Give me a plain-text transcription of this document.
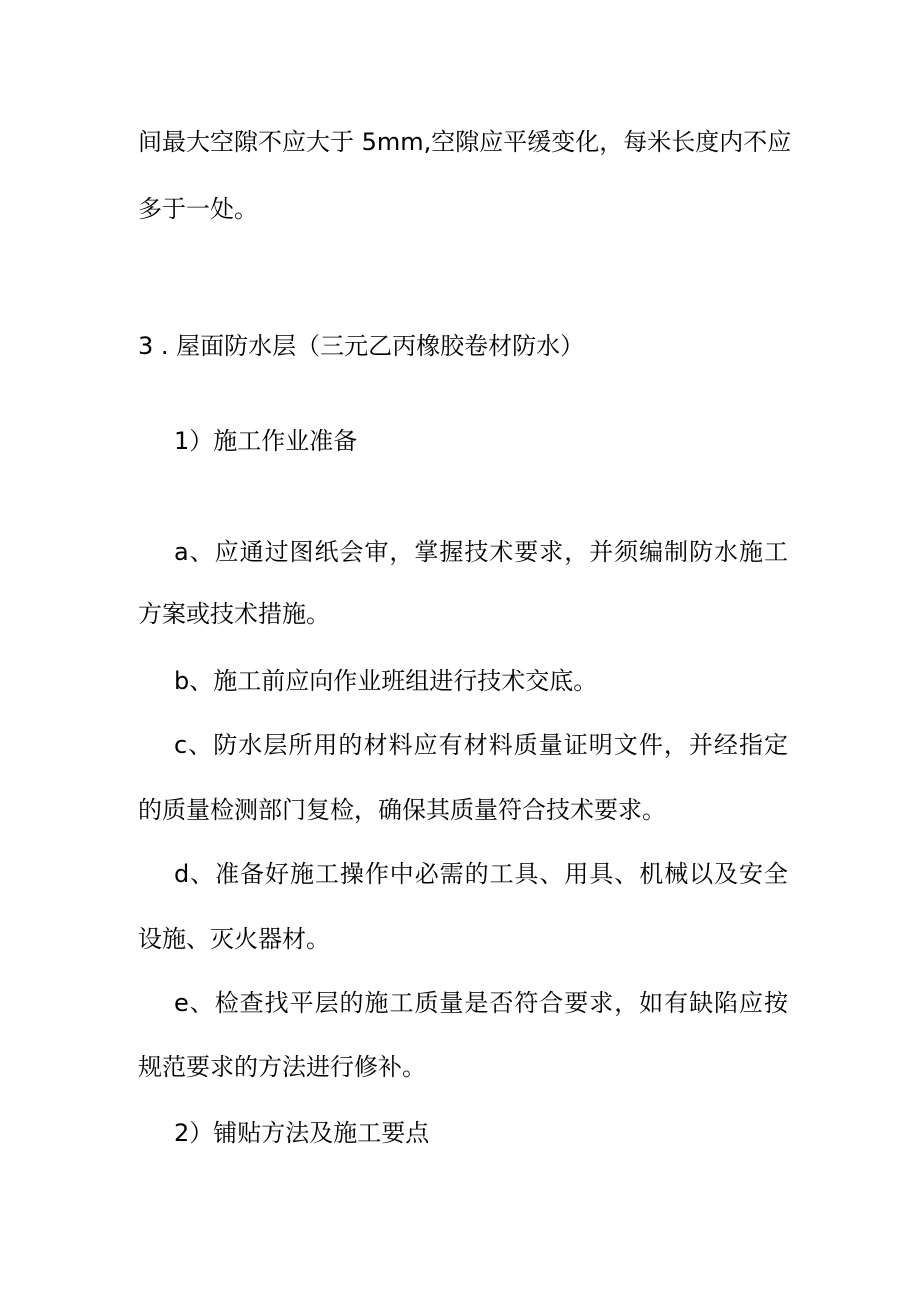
间最大空隙不应大于 5mm,空隙应平缓变化，每米长度内不应
多于一处。
3 . 屋面防水层（三元乙丙橡胶卷材防水）
1）施工作业准备
a、应通过图纸会审，掌握技术要求，并须编制防水施工
方案或技术措施。
b、施工前应向作业班组进行技术交底。
c、防水层所用的材料应有材料质量证明文件，并经指定
的质量检测部门复检，确保其质量符合技术要求。
d、准备好施工操作中必需的工具、用具、机械以及安全
设施、灭火器材。
e、检查找平层的施工质量是否符合要求，如有缺陷应按
规范要求的方法进行修补。
2）铺贴方法及施工要点
